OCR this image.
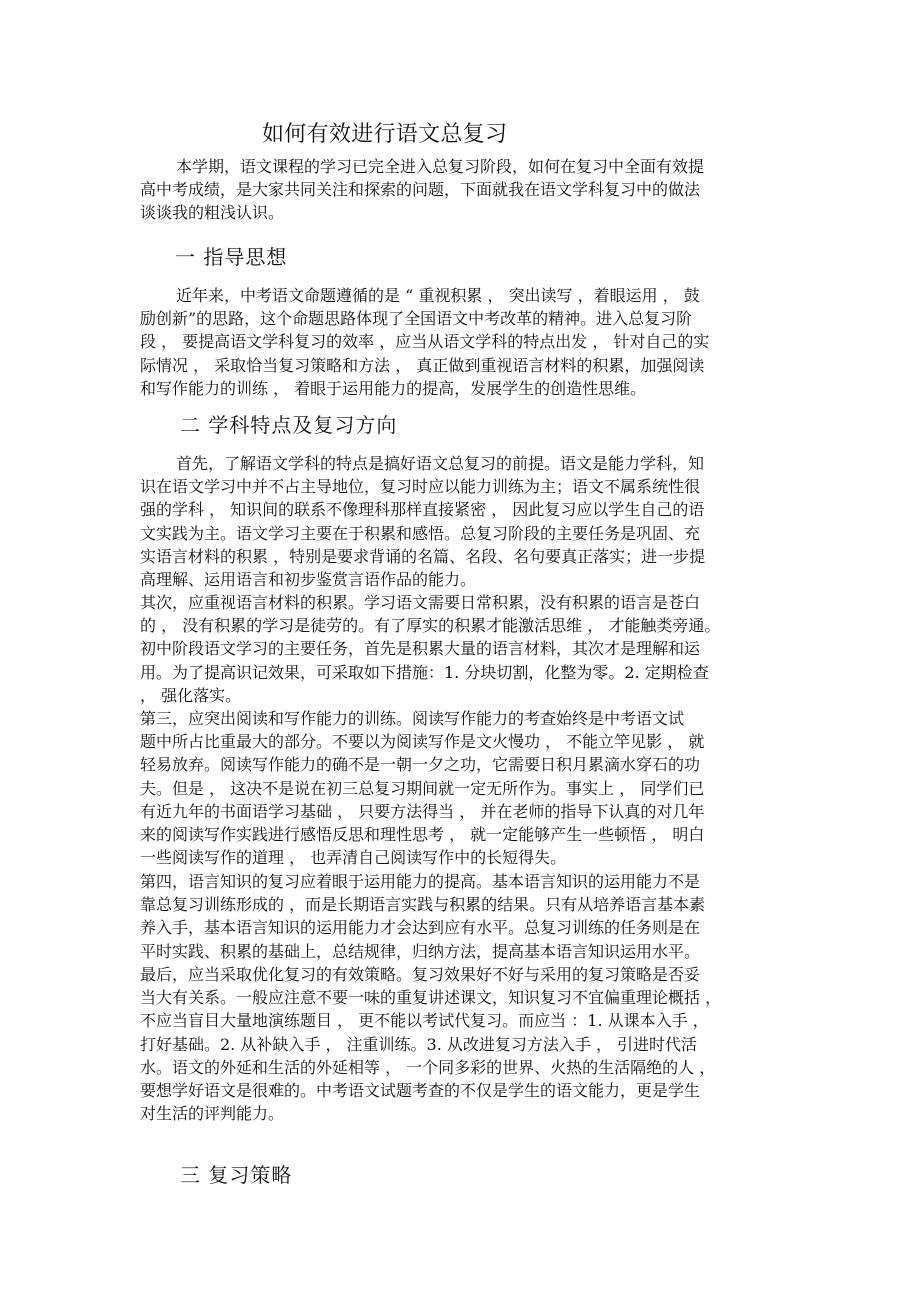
如何有效进行语文总复习
本学期，语文课程的学习已完全进入总复习阶段，如何在复习中全面有效提
高中考成绩，是大家共同关注和探索的问题，下面就我在语文学科复习中的做法
谈谈我的粗浅认识。
一 指导思想
近年来，中考语文命题遵循的是 “ 重视积累 ， 突出读写 ，着眼运用 ， 鼓
励创新”的思路，这个命题思路体现了全国语文中考改革的精神。进入总复习阶
段 ， 要提高语文学科复习的效率 ，应当从语文学科的特点出发 ， 针对自己的实
际情况 ， 采取恰当复习策略和方法 ， 真正做到重视语言材料的积累，加强阅读
和写作能力的训练 ， 着眼于运用能力的提高，发展学生的创造性思维。
二 学科特点及复习方向
首先，了解语文学科的特点是搞好语文总复习的前提。语文是能力学科，知
识在语文学习中并不占主导地位，复习时应以能力训练为主；语文不属系统性很
强的学科 ， 知识间的联系不像理科那样直接紧密 ， 因此复习应以学生自己的语
文实践为主。语文学习主要在于积累和感悟。总复习阶段的主要任务是巩固、充
实语言材料的积累 ，特别是要求背诵的名篇、名段、名句要真正落实；进一步提
高理解、运用语言和初步鉴赏言语作品的能力。
其次，应重视语言材料的积累。学习语文需要日常积累，没有积累的语言是苍白
的 ， 没有积累的学习是徒劳的。有了厚实的积累才能激活思维 ， 才能触类旁通。
初中阶段语文学习的主要任务，首先是积累大量的语言材料，其次才是理解和运
用。为了提高识记效果，可采取如下措施：1. 分块切割，化整为零。2. 定期检查
， 强化落实。
第三，应突出阅读和写作能力的训练。阅读写作能力的考查始终是中考语文试
题中所占比重最大的部分。不要以为阅读写作是文火慢功 ， 不能立竿见影 ， 就
轻易放弃。阅读写作能力的确不是一朝一夕之功，它需要日积月累滴水穿石的功
夫。但是 ， 这决不是说在初三总复习期间就一定无所作为。事实上 ， 同学们已
有近九年的书面语学习基础 ， 只要方法得当 ， 并在老师的指导下认真的对几年
来的阅读写作实践进行感悟反思和理性思考 ， 就一定能够产生一些顿悟 ， 明白
一些阅读写作的道理 ， 也弄清自己阅读写作中的长短得失。
第四，语言知识的复习应着眼于运用能力的提高。基本语言知识的运用能力不是
靠总复习训练形成的 ，而是长期语言实践与积累的结果。只有从培养语言基本素
养入手，基本语言知识的运用能力才会达到应有水平。总复习训练的任务则是在
平时实践、积累的基础上，总结规律，归纳方法，提高基本语言知识运用水平。
最后，应当采取优化复习的有效策略。复习效果好不好与采用的复习策略是否妥
当大有关系。一般应注意不要一味的重复讲述课文，知识复习不宜偏重理论概括 ，
不应当盲目大量地演练题目 ， 更不能以考试代复习。而应当 ：1. 从课本入手 ，
打好基础。2. 从补缺入手 ， 注重训练。3. 从改进复习方法入手 ， 引进时代活
水。语文的外延和生活的外延相等 ， 一个同多彩的世界、火热的生活隔绝的人 ，
要想学好语文是很难的。中考语文试题考查的不仅是学生的语文能力，更是学生
对生活的评判能力。
三 复习策略
